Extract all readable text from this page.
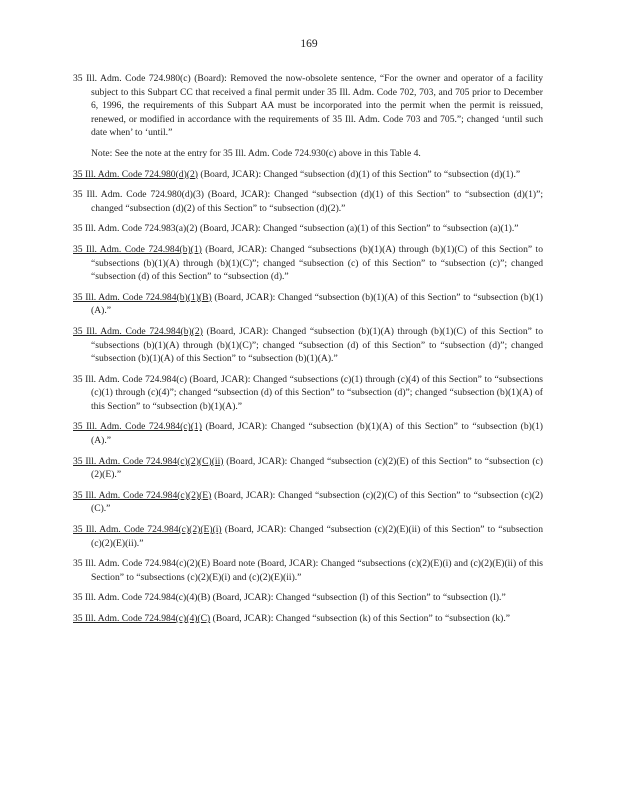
169
35 Ill. Adm. Code 724.980(c) (Board): Removed the now-obsolete sentence, “For the owner and operator of a facility subject to this Subpart CC that received a final permit under 35 Ill. Adm. Code 702, 703, and 705 prior to December 6, 1996, the requirements of this Subpart AA must be incorporated into the permit when the permit is reissued, renewed, or modified in accordance with the requirements of 35 Ill. Adm. Code 703 and 705.”; changed ‘until such date when’ to ‘until.”
Note: See the note at the entry for 35 Ill. Adm. Code 724.930(c) above in this Table 4.
35 Ill. Adm. Code 724.980(d)(2) (Board, JCAR): Changed “subsection (d)(1) of this Section” to “subsection (d)(1).”
35 Ill. Adm. Code 724.980(d)(3) (Board, JCAR): Changed “subsection (d)(1) of this Section” to “subsection (d)(1)”; changed “subsection (d)(2) of this Section” to “subsection (d)(2).”
35 Ill. Adm. Code 724.983(a)(2) (Board, JCAR): Changed “subsection (a)(1) of this Section” to “subsection (a)(1).”
35 Ill. Adm. Code 724.984(b)(1) (Board, JCAR): Changed “subsections (b)(1)(A) through (b)(1)(C) of this Section” to “subsections (b)(1)(A) through (b)(1)(C)”; changed “subsection (c) of this Section” to “subsection (c)”; changed “subsection (d) of this Section” to “subsection (d).”
35 Ill. Adm. Code 724.984(b)(1)(B) (Board, JCAR): Changed “subsection (b)(1)(A) of this Section” to “subsection (b)(1)(A).”
35 Ill. Adm. Code 724.984(b)(2) (Board, JCAR): Changed “subsection (b)(1)(A) through (b)(1)(C) of this Section” to “subsections (b)(1)(A) through (b)(1)(C)”; changed “subsection (d) of this Section” to “subsection (d)”; changed “subsection (b)(1)(A) of this Section” to “subsection (b)(1)(A).”
35 Ill. Adm. Code 724.984(c) (Board, JCAR): Changed “subsections (c)(1) through (c)(4) of this Section” to “subsections (c)(1) through (c)(4)”; changed “subsection (d) of this Section” to “subsection (d)”; changed “subsection (b)(1)(A) of this Section” to “subsection (b)(1)(A).”
35 Ill. Adm. Code 724.984(c)(1) (Board, JCAR): Changed “subsection (b)(1)(A) of this Section” to “subsection (b)(1)(A).”
35 Ill. Adm. Code 724.984(c)(2)(C)(ii) (Board, JCAR): Changed “subsection (c)(2)(E) of this Section” to “subsection (c)(2)(E).”
35 Ill. Adm. Code 724.984(c)(2)(E) (Board, JCAR): Changed “subsection (c)(2)(C) of this Section” to “subsection (c)(2)(C).”
35 Ill. Adm. Code 724.984(c)(2)(E)(i) (Board, JCAR): Changed “subsection (c)(2)(E)(ii) of this Section” to “subsection (c)(2)(E)(ii).”
35 Ill. Adm. Code 724.984(c)(2)(E) Board note (Board, JCAR): Changed “subsections (c)(2)(E)(i) and (c)(2)(E)(ii) of this Section” to “subsections (c)(2)(E)(i) and (c)(2)(E)(ii).”
35 Ill. Adm. Code 724.984(c)(4)(B) (Board, JCAR): Changed “subsection (l) of this Section” to “subsection (l).”
35 Ill. Adm. Code 724.984(c)(4)(C) (Board, JCAR): Changed “subsection (k) of this Section” to “subsection (k).”
